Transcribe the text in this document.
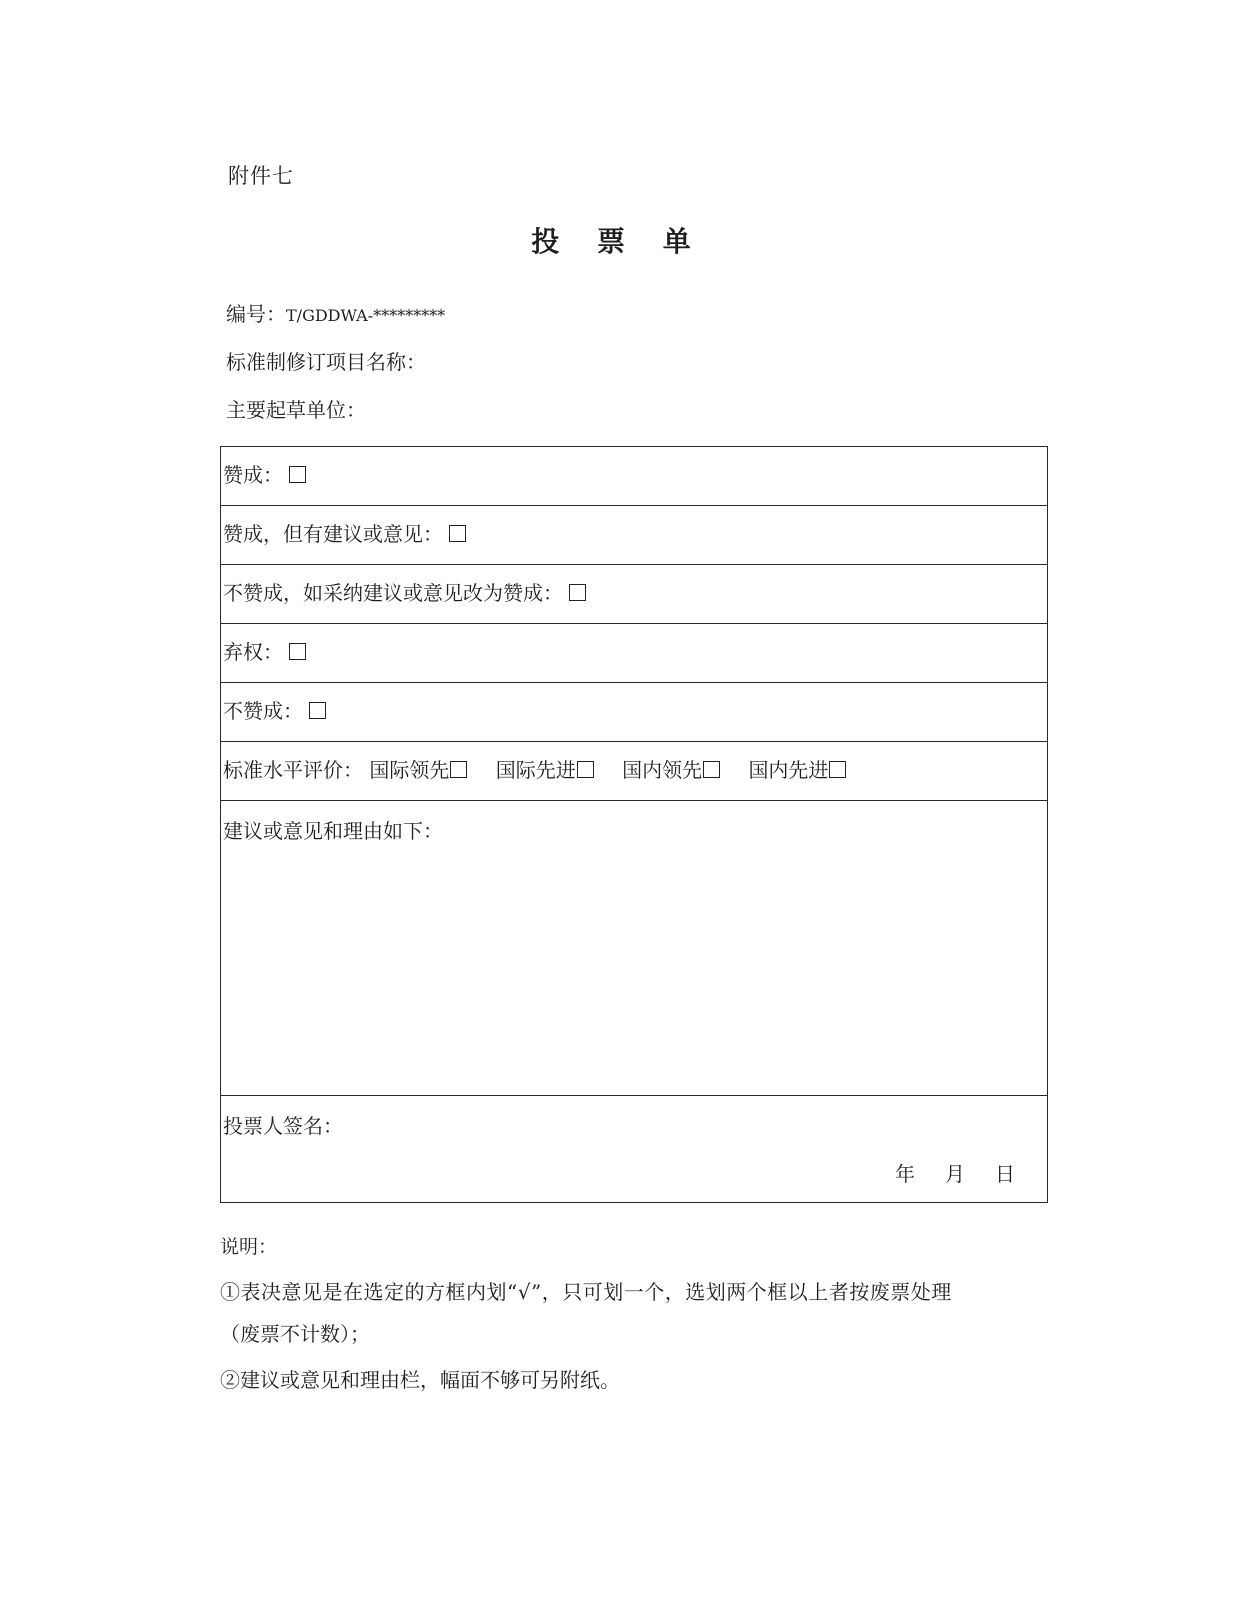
附件七
投 票 单
编号：T/GDDWA-*********
标准制修订项目名称：
主要起草单位：
赞成：
赞成，但有建议或意见：
不赞成，如采纳建议或意见改为赞成：
弃权：
不赞成：
标准水平评价： 国际领先 国际先进 国内领先 国内先进
建议或意见和理由如下：
投票人签名：
年 月 日
说明：
①表决意见是在选定的方框内划“√”，只可划一个，选划两个框以上者按废票处理
（废票不计数）；
②建议或意见和理由栏，幅面不够可另附纸。
